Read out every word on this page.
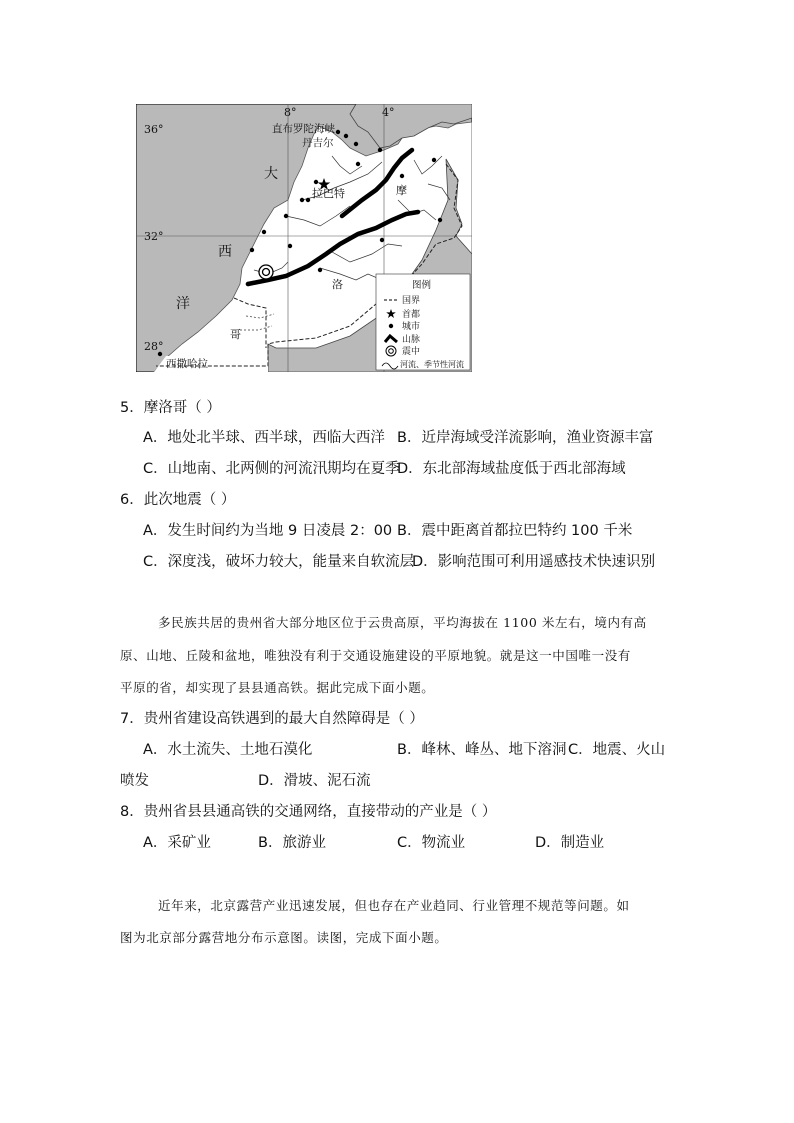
36°
32°
28°
8°	4°
直布罗陀海峡
丹吉尔
大
西
洋
拉巴特	摩
洛
哥
西撒哈拉
图例
国界
首都
城市
山脉
震中
河流、季节性河流
5．摩洛哥（ ）
A．地处北半球、西半球，西临大西洋 B．近岸海域受洋流影响，渔业资源丰富
C．山地南、北两侧的河流汛期均在夏季
D．东北部海域盐度低于西北部海域
6．此次地震（ ）
A．发生时间约为当地 9 日凌晨 2：00 B．震中距离首都拉巴特约 100 千米
C．深度浅，破坏力较大，能量来自软流层
D．影响范围可利用遥感技术快速识别
多民族共居的贵州省大部分地区位于云贵高原，平均海拔在 1100 米左右，境内有高
原、山地、丘陵和盆地，唯独没有利于交通设施建设的平原地貌。就是这一中国唯一没有
平原的省，却实现了县县通高铁。据此完成下面小题。
7．贵州省建设高铁遇到的最大自然障碍是（ ）
A．水土流失、土地石漠化	B．峰林、峰丛、地下溶洞 C．地震、火山
喷发	D．滑坡、泥石流
8．贵州省县县通高铁的交通网络，直接带动的产业是（ ）
A．采矿业	B．旅游业	C．物流业	D．制造业
近年来，北京露营产业迅速发展，但也存在产业趋同、行业管理不规范等问题。如
图为北京部分露营地分布示意图。读图，完成下面小题。
